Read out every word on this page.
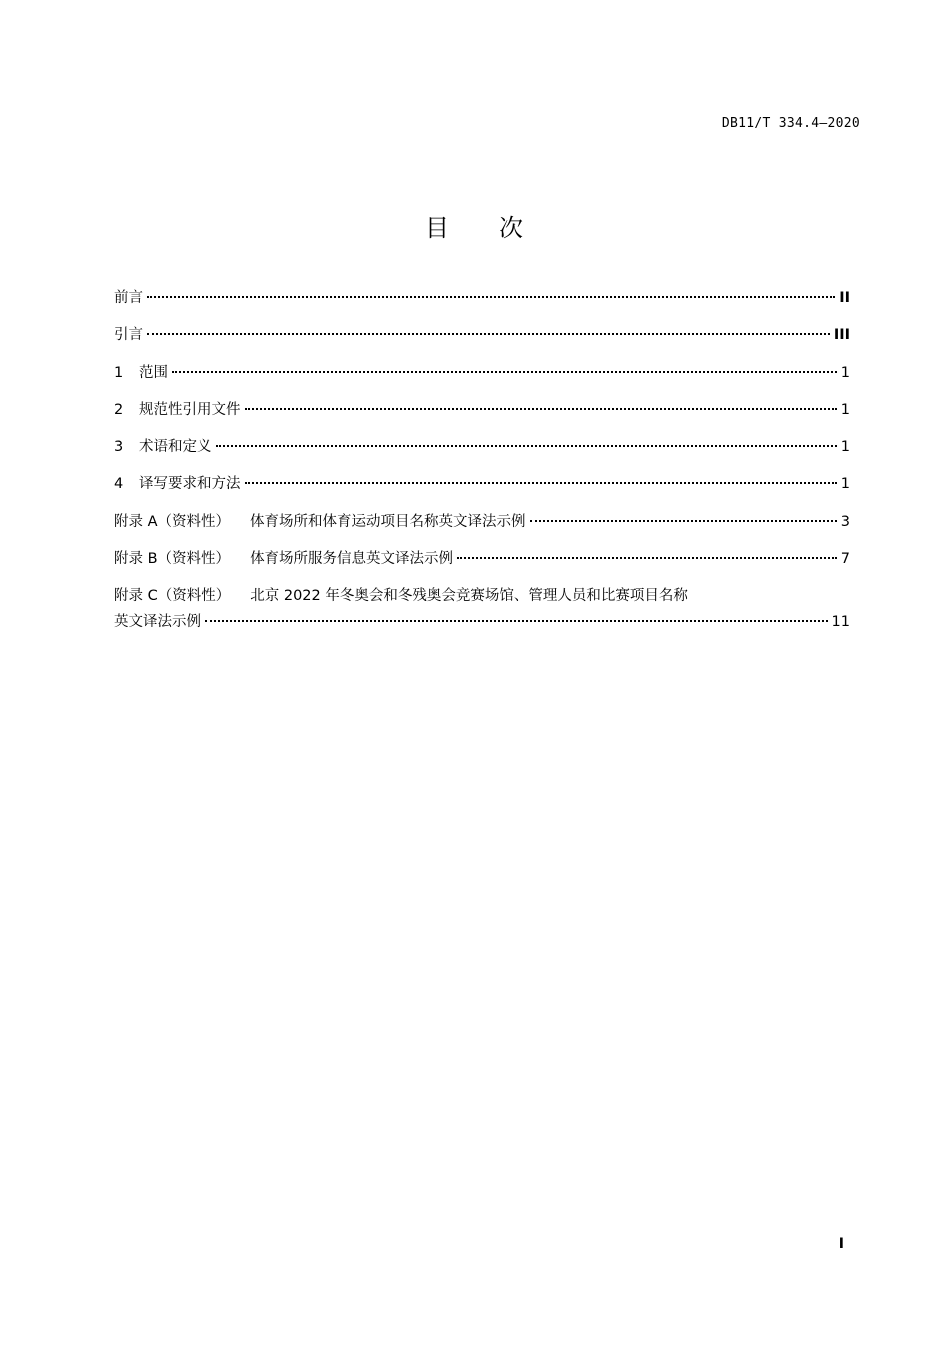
DB11/T 334.4—2020
目 次
前言	II
引言	III
1	范围	1
2	规范性引用文件	1
3	术语和定义	1
4	译写要求和方法	1
附录 A（资料性） 体育场所和体育运动项目名称英文译法示例	3
附录 B（资料性） 体育场所服务信息英文译法示例	7
附录 C（资料性） 北京 2022 年冬奥会和冬残奥会竞赛场馆、管理人员和比赛项目名称
英文译法示例	11
I
